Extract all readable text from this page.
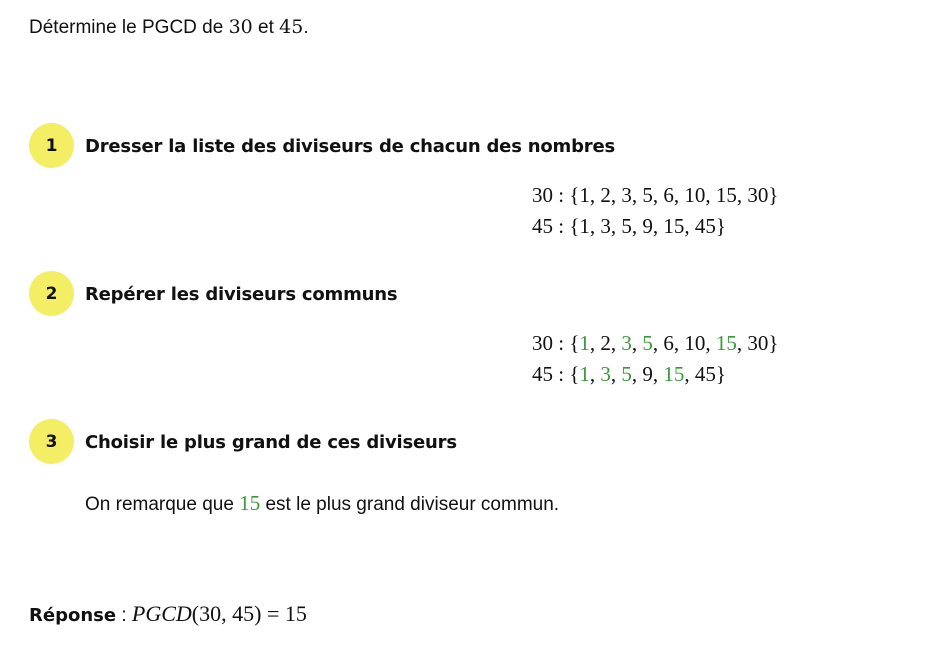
Détermine le PGCD de 30 et 45.
1	Dresser la liste des diviseurs de chacun des nombres
30 : {1, 2, 3, 5, 6, 10, 15, 30}
45 : {1, 3, 5, 9, 15, 45}
2	Repérer les diviseurs communs
30 : {1, 2, 3, 5, 6, 10, 15, 30}
45 : {1, 3, 5, 9, 15, 45}
3	Choisir le plus grand de ces diviseurs
On remarque que 15 est le plus grand diviseur commun.
Réponse : PGCD(30, 45) = 15
